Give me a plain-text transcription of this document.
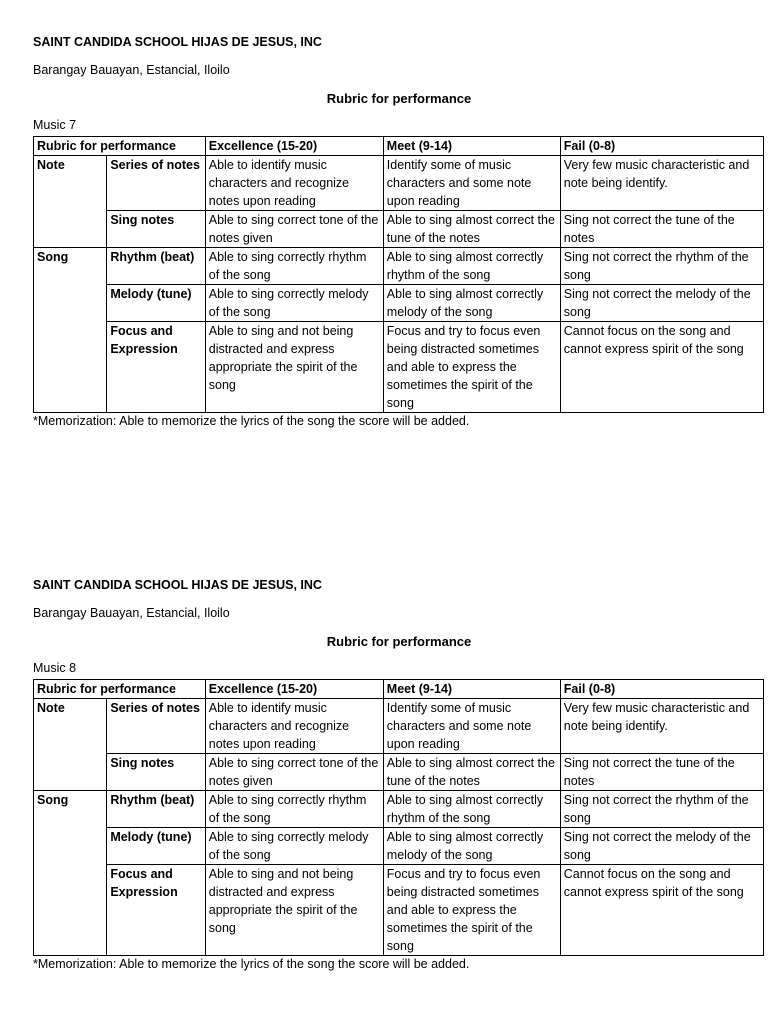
SAINT CANDIDA SCHOOL HIJAS DE JESUS, INC
Barangay Bauayan, Estancial, Iloilo
Rubric for performance
Music 7
Rubric for performance		Excellence (15-20)	Meet (9-14)	Fail (0-8)
Note	Series of notes	Able to identify music characters and recognize notes upon reading	Identify some of music characters and some note upon reading	Very few music characteristic and note being identify.
	Sing notes	Able to sing correct tone of the notes given	Able to sing almost correct the tune of the notes	Sing not correct the tune of the notes
Song	Rhythm (beat)	Able to sing correctly rhythm of the song	Able to sing almost correctly rhythm of the song	Sing not correct the rhythm of the song
	Melody (tune)	Able to sing correctly melody of the song	Able to sing almost correctly melody of the song	Sing not correct the melody of the song
	Focus and Expression	Able to sing and not being distracted and express appropriate the spirit of the song	Focus and try to focus even being distracted sometimes and able to express the sometimes the spirit of the song	Cannot focus on the song and cannot express spirit of the song
*Memorization: Able to memorize the lyrics of the song the score will be added.
SAINT CANDIDA SCHOOL HIJAS DE JESUS, INC
Barangay Bauayan, Estancial, Iloilo
Rubric for performance
Music 8
Rubric for performance		Excellence (15-20)	Meet (9-14)	Fail (0-8)
Note	Series of notes	Able to identify music characters and recognize notes upon reading	Identify some of music characters and some note upon reading	Very few music characteristic and note being identify.
	Sing notes	Able to sing correct tone of the notes given	Able to sing almost correct the tune of the notes	Sing not correct the tune of the notes
Song	Rhythm (beat)	Able to sing correctly rhythm of the song	Able to sing almost correctly rhythm of the song	Sing not correct the rhythm of the song
	Melody (tune)	Able to sing correctly melody of the song	Able to sing almost correctly melody of the song	Sing not correct the melody of the song
	Focus and Expression	Able to sing and not being distracted and express appropriate the spirit of the song	Focus and try to focus even being distracted sometimes and able to express the sometimes the spirit of the song	Cannot focus on the song and cannot express spirit of the song
*Memorization: Able to memorize the lyrics of the song the score will be added.
